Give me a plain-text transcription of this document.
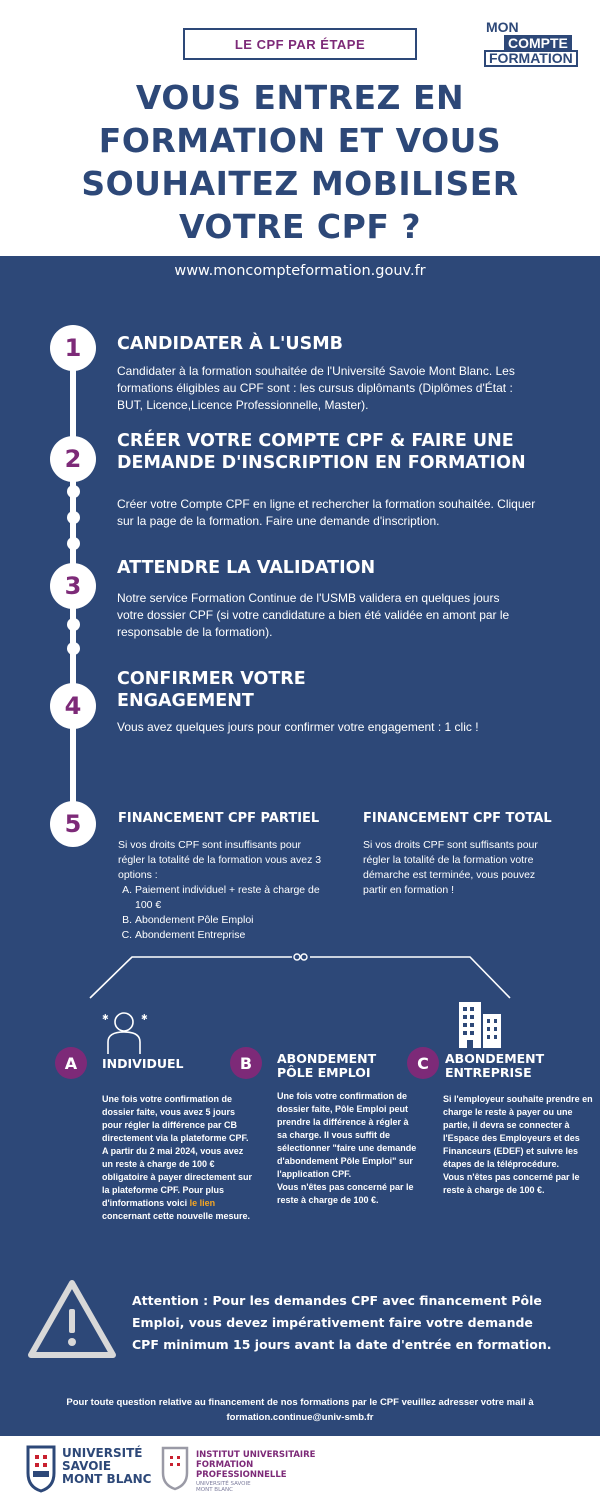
LE CPF PAR ÉTAPE
MON
COMPTE
FORMATION
VOUS ENTREZ EN FORMATION ET VOUS SOUHAITEZ MOBILISER VOTRE CPF ?
www.moncompteformation.gouv.fr
1
2
3
4
5
CANDIDATER À L'USMB
Candidater à la formation souhaitée de l'Université Savoie Mont Blanc. Les formations éligibles au CPF sont : les cursus diplômants (Diplômes d'État : BUT, Licence,Licence Professionnelle, Master).
CRÉER VOTRE COMPTE CPF & FAIRE UNE DEMANDE D'INSCRIPTION EN FORMATION
Créer votre Compte CPF en ligne et rechercher la formation souhaitée. Cliquer sur la page de la formation. Faire une demande d'inscription.
ATTENDRE LA VALIDATION
Notre service Formation Continue de l'USMB validera en quelques jours votre dossier CPF (si votre candidature a bien été validée en amont par le responsable de la formation).
CONFIRMER VOTRE ENGAGEMENT
Vous avez quelques jours pour confirmer votre engagement : 1 clic !
FINANCEMENT CPF PARTIEL
Si vos droits CPF sont insuffisants pour régler la totalité de la formation vous avez 3 options :
A. Paiement individuel + reste à charge de 100 €
B. Abondement Pôle Emploi
C. Abondement Entreprise
FINANCEMENT CPF TOTAL
Si vos droits CPF sont suffisants pour régler la totalité de la formation votre démarche est terminée, vous pouvez partir en formation !
✱	✱
A	INDIVIDUEL
Une fois votre confirmation de dossier faite, vous avez 5 jours pour régler la différence par CB directement via la plateforme CPF.
A partir du 2 mai 2024, vous avez un reste à charge de 100 € obligatoire à payer directement sur la plateforme CPF. Pour plus d'informations voici le lien concernant cette nouvelle mesure.
B	ABONDEMENT PÔLE EMPLOI
Une fois votre confirmation de dossier faite, Pôle Emploi peut prendre la différence à régler à sa charge. Il vous suffit de sélectionner "faire une demande d'abondement Pôle Emploi" sur l'application CPF.
Vous n'êtes pas concerné par le reste à charge de 100 €.
C	ABONDEMENT ENTREPRISE
Si l'employeur souhaite prendre en charge le reste à payer ou une partie, il devra se connecter à l'Espace des Employeurs et des Financeurs (EDEF) et suivre les étapes de la téléprocédure.
Vous n'êtes pas concerné par le reste à charge de 100 €.
Attention : Pour les demandes CPF avec financement Pôle Emploi, vous devez impérativement faire votre demande CPF minimum 15 jours avant la date d'entrée en formation.
Pour toute question relative au financement de nos formations par le CPF veuillez adresser votre mail à
formation.continue@univ-smb.fr
UNIVERSITÉ
SAVOIE
MONT BLANC
INSTITUT UNIVERSITAIRE
FORMATION
PROFESSIONNELLE
UNIVERSITÉ SAVOIE
MONT BLANC
